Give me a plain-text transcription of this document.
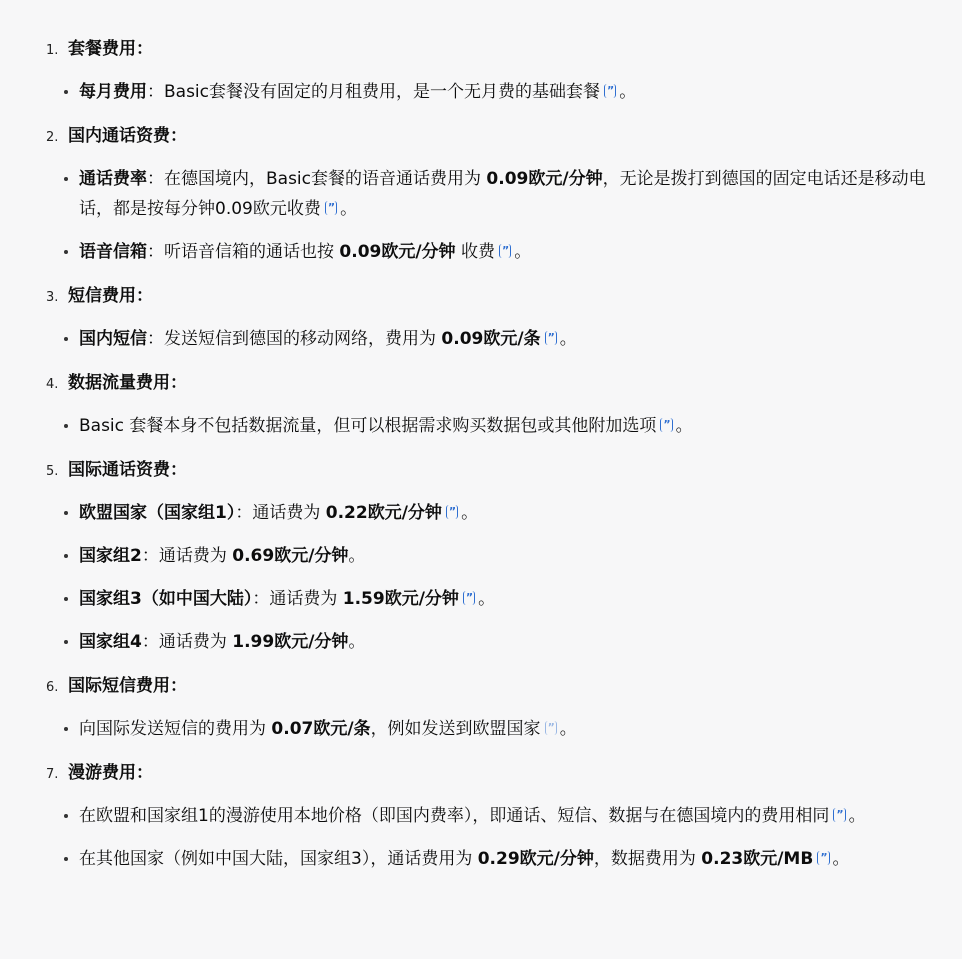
1. 套餐费用 ：
每月费用：Basic套餐没有固定的月租费用，是一个无月费的基础套餐 ” 。
2. 国内通话资费 ：
通话费率：在德国境内，Basic套餐的语音通话费用为 0.09欧元/分钟，无论是拨打到德国的固定电话还是移动电话，都是按每分钟0.09欧元收费 ” 。
语音信箱：听语音信箱的通话也按 0.09欧元/分钟 收费 ” 。
3. 短信费用 ：
国内短信：发送短信到德国的移动网络，费用为 0.09欧元/条 ” 。
4. 数据流量费用 ：
Basic 套餐本身不包括数据流量，但可以根据需求购买数据包或其他附加选项 ” 。
5. 国际通话资费 ：
欧盟国家（国家组1）：通话费为 0.22欧元/分钟 ” 。
国家组2：通话费为 0.69欧元/分钟。
国家组3（如中国大陆）：通话费为 1.59欧元/分钟 ” 。
国家组4：通话费为 1.99欧元/分钟。
6. 国际短信费用 ：
向国际发送短信的费用为 0.07欧元/条，例如发送到欧盟国家 ” 。
7. 漫游费用 ：
在欧盟和国家组1的漫游使用本地价格（即国内费率），即通话、短信、数据与在德国境内的费用相同 ” 。
在其他国家（例如中国大陆，国家组3），通话费用为 0.29欧元/分钟，数据费用为 0.23欧元/MB ” 。
